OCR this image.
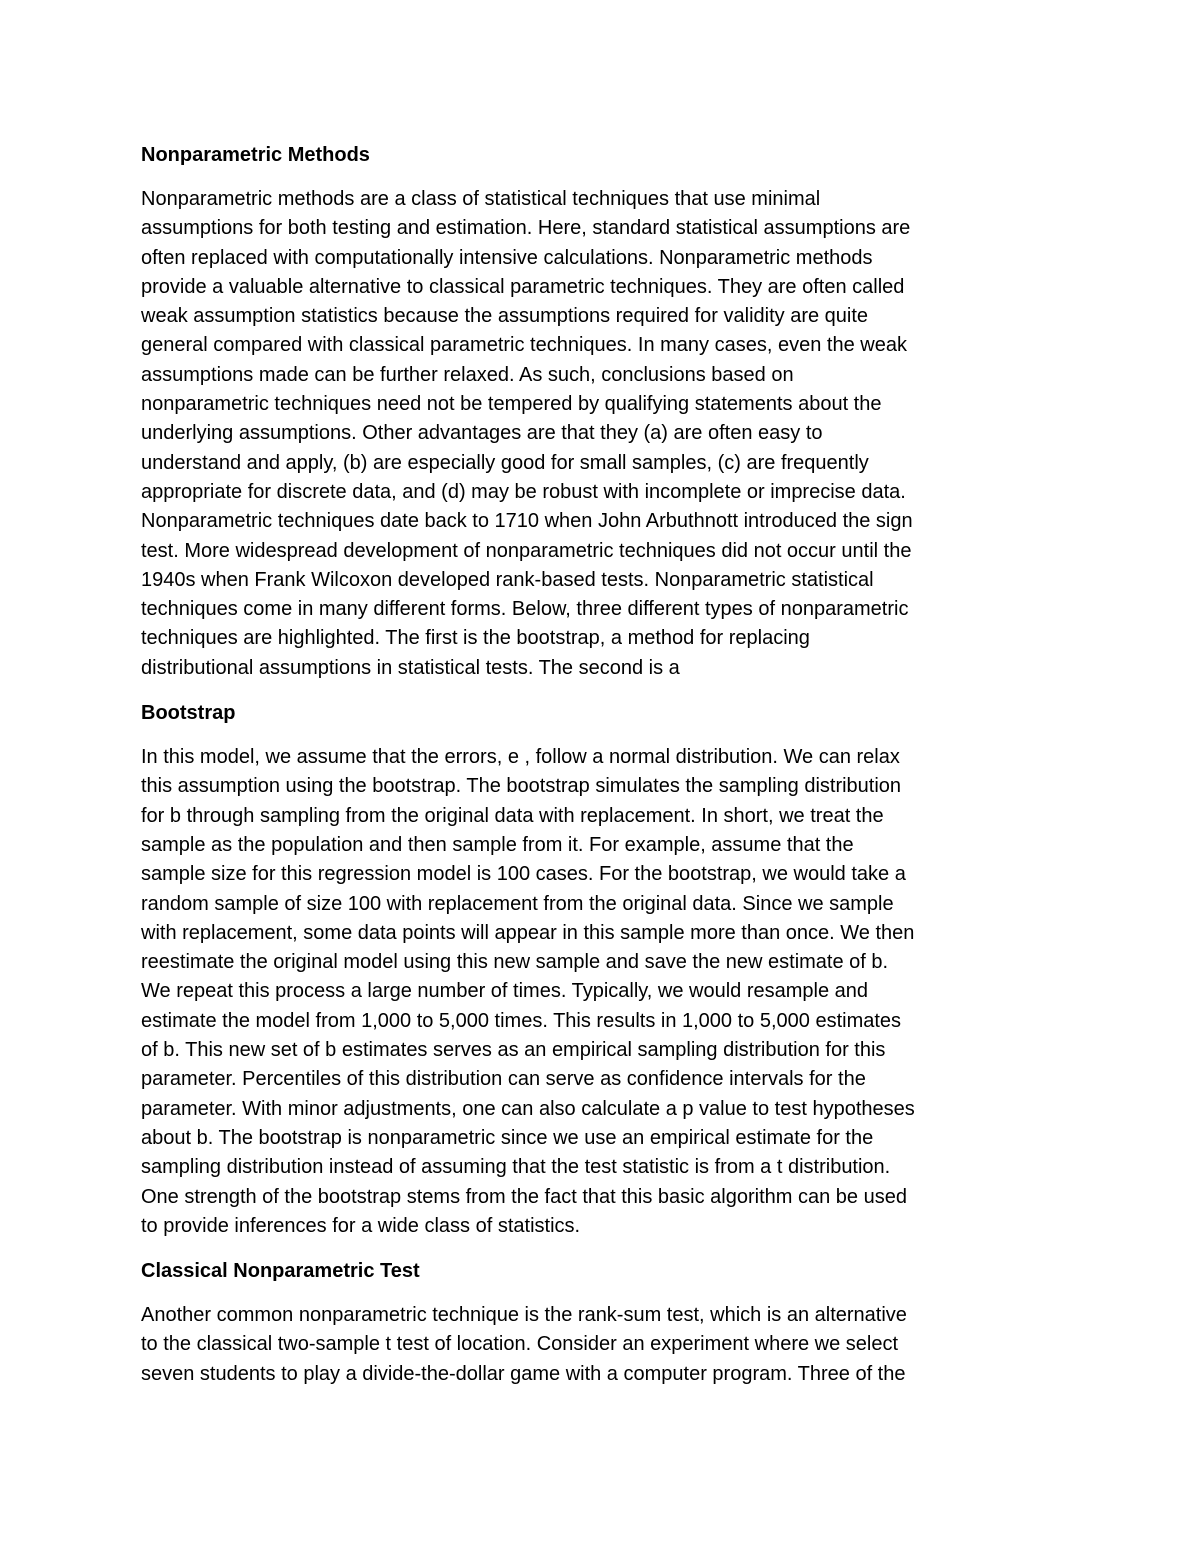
Nonparametric Methods
Nonparametric methods are a class of statistical techniques that use minimal
assumptions for both testing and estimation. Here, standard statistical assumptions are
often replaced with computationally intensive calculations. Nonparametric methods
provide a valuable alternative to classical parametric techniques. They are often called
weak assumption statistics because the assumptions required for validity are quite
general compared with classical parametric techniques. In many cases, even the weak
assumptions made can be further relaxed. As such, conclusions based on
nonparametric techniques need not be tempered by qualifying statements about the
underlying assumptions. Other advantages are that they (a) are often easy to
understand and apply, (b) are especially good for small samples, (c) are frequently
appropriate for discrete data, and (d) may be robust with incomplete or imprecise data.
Nonparametric techniques date back to 1710 when John Arbuthnott introduced the sign
test. More widespread development of nonparametric techniques did not occur until the
1940s when Frank Wilcoxon developed rank-based tests. Nonparametric statistical
techniques come in many different forms. Below, three different types of nonparametric
techniques are highlighted. The first is the bootstrap, a method for replacing
distributional assumptions in statistical tests. The second is a
Bootstrap
In this model, we assume that the errors, e , follow a normal distribution. We can relax
this assumption using the bootstrap. The bootstrap simulates the sampling distribution
for b through sampling from the original data with replacement. In short, we treat the
sample as the population and then sample from it. For example, assume that the
sample size for this regression model is 100 cases. For the bootstrap, we would take a
random sample of size 100 with replacement from the original data. Since we sample
with replacement, some data points will appear in this sample more than once. We then
reestimate the original model using this new sample and save the new estimate of b.
We repeat this process a large number of times. Typically, we would resample and
estimate the model from 1,000 to 5,000 times. This results in 1,000 to 5,000 estimates
of b. This new set of b estimates serves as an empirical sampling distribution for this
parameter. Percentiles of this distribution can serve as confidence intervals for the
parameter. With minor adjustments, one can also calculate a p value to test hypotheses
about b. The bootstrap is nonparametric since we use an empirical estimate for the
sampling distribution instead of assuming that the test statistic is from a t distribution.
One strength of the bootstrap stems from the fact that this basic algorithm can be used
to provide inferences for a wide class of statistics.
Classical Nonparametric Test
Another common nonparametric technique is the rank-sum test, which is an alternative
to the classical two-sample t test of location. Consider an experiment where we select
seven students to play a divide-the-dollar game with a computer program. Three of the
